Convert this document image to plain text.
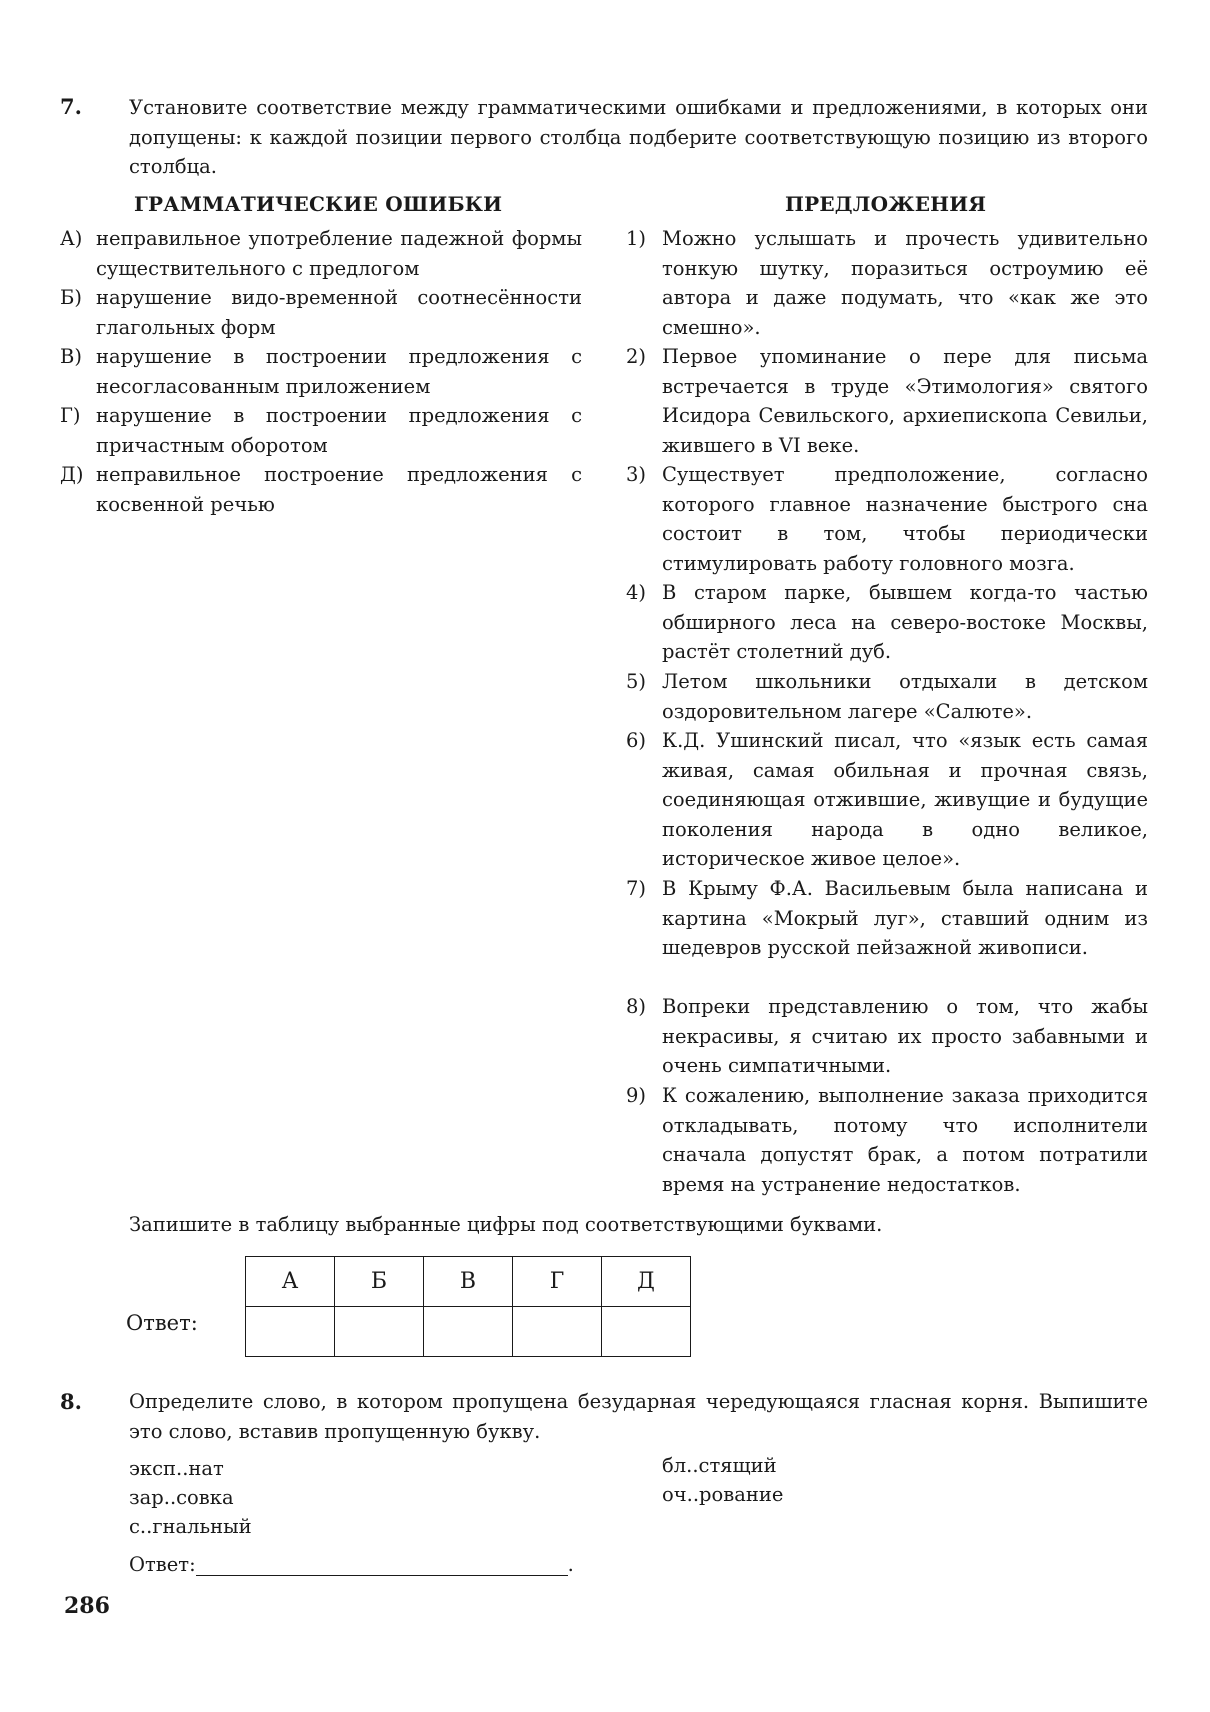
7. Установите соответствие между грамматическими ошибками и предложениями, в которых они допущены: к каждой позиции первого столбца подберите соответствующую позицию из второго столбца.
ГРАММАТИЧЕСКИЕ ОШИБКИ	ПРЕДЛОЖЕНИЯ
А) неправильное употребление падежной формы существительного с предлогом
Б) нарушение видо-временной соотнесённости глагольных форм
В) нарушение в построении предложения с несогласованным приложением
Г) нарушение в построении предложения с причастным оборотом
Д) неправильное построение предложения с косвенной речью
1) Можно услышать и прочесть удивительно тонкую шутку, поразиться остроумию её автора и даже подумать, что «как же это смешно».
2) Первое упоминание о пере для письма встречается в труде «Этимология» святого Исидора Севильского, архиепископа Севильи, жившего в VI веке.
3) Существует предположение, согласно которого главное назначение быстрого сна состоит в том, чтобы периодически стимулировать работу головного мозга.
4) В старом парке, бывшем когда-то частью обширного леса на северо-востоке Москвы, растёт столетний дуб.
5) Летом школьники отдыхали в детском оздоровительном лагере «Салюте».
6) К.Д. Ушинский писал, что «язык есть самая живая, самая обильная и прочная связь, соединяющая отжившие, живущие и будущие поколения народа в одно великое, историческое живое целое».
7) В Крыму Ф.А. Васильевым была написана и картина «Мокрый луг», ставший одним из шедевров русской пейзажной живописи.
8) Вопреки представлению о том, что жабы некрасивы, я считаю их просто забавными и очень симпатичными.
9) К сожалению, выполнение заказа приходится откладывать, потому что исполнители сначала допустят брак, а потом потратили время на устранение недостатков.
Запишите в таблицу выбранные цифры под соответствующими буквами.
Ответ:
А	Б	В	Г	Д

8. Определите слово, в котором пропущена безударная чередующаяся гласная корня. Выпишите это слово, вставив пропущенную букву.
эксп..нат
зар..совка
с..гнальный
бл..стящий
оч..рование
Ответ:	.
286
